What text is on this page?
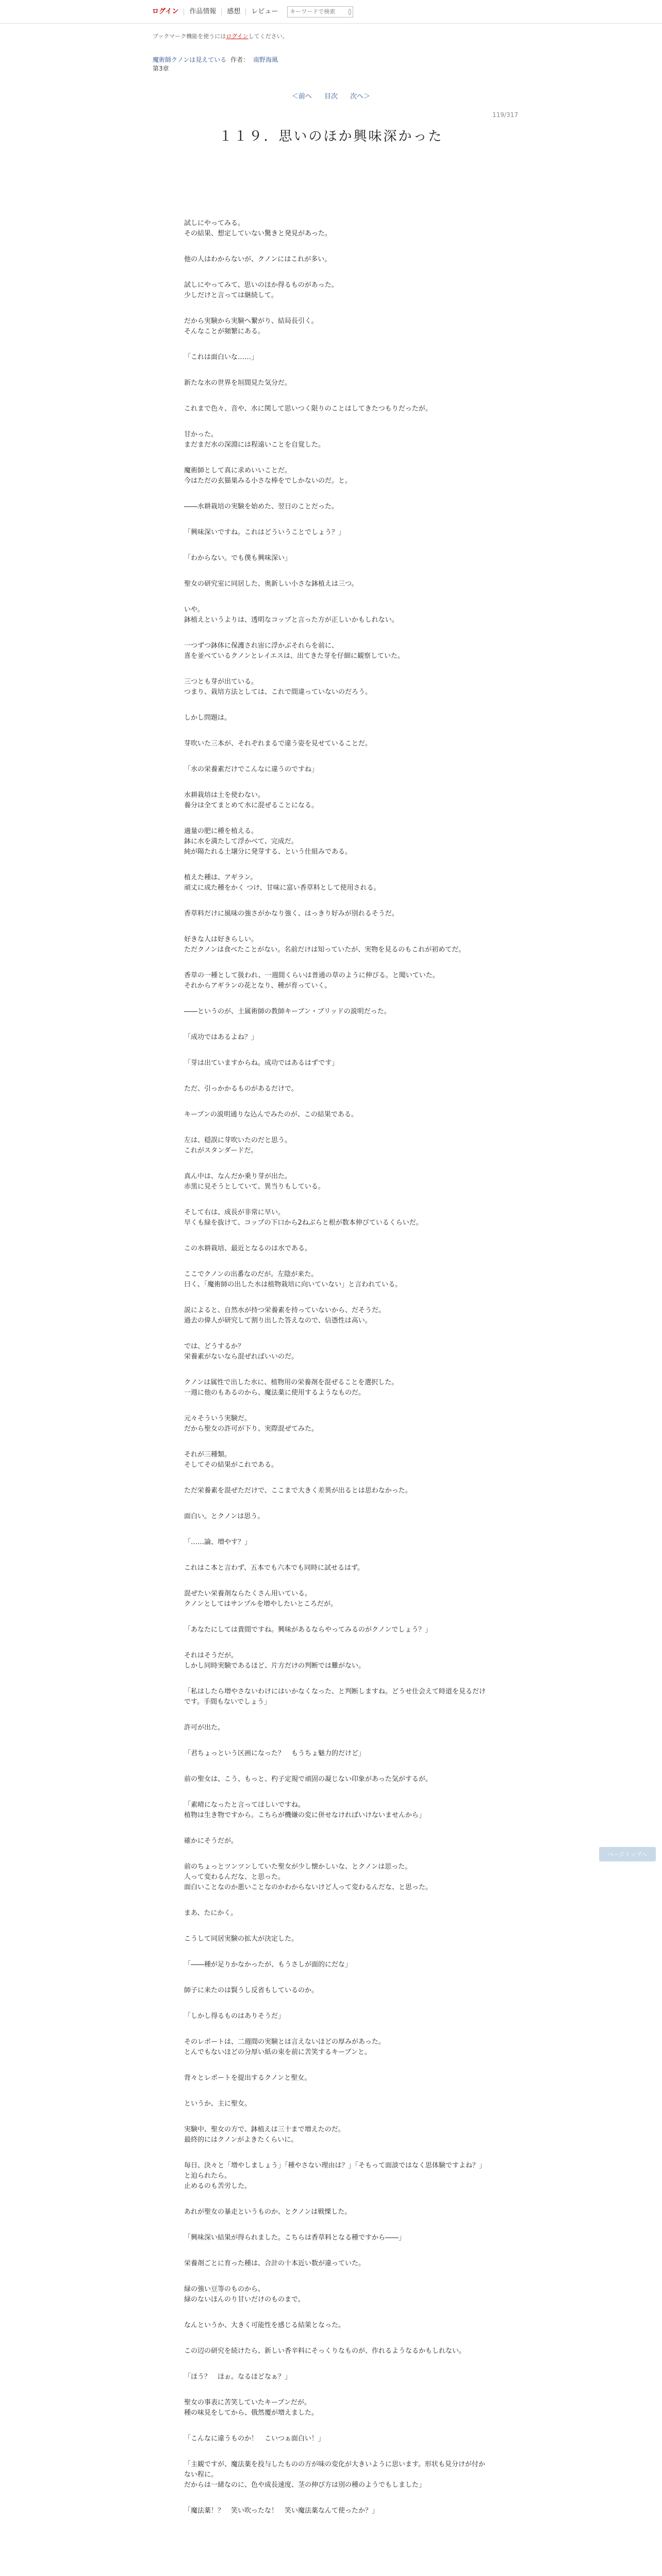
ログイン	作品情報	感想	レビュー
キーワードで検索
ブックマーク機能を使うにはログインしてください。
魔術師クノンは見えている 作者： 南野海風
第3章
＜前へ 目次 次へ＞
119/317
１１９．思いのほか興味深かった

試しにやってみる。
その結果、想定していない驚きと発見があった。

他の人はわからないが、クノンにはこれが多い。

試しにやってみて、思いのほか得るものがあった。
少しだけと言っては継続して。

だから実験から実験へ繋がり、結局長引く。
そんなことが頻繁にある。

「これは面白いな……」

新たな水の世界を垣間見た気分だ。

これまで色々、音や、水に関して思いつく限りのことはしてきたつもりだったが。

甘かった。
まだまだ水の深淵には程遠いことを自覚した。

魔術師として真に求めいいことだ。
今はただの玄猫巣みる小さな棒をでしかないのだ。と。

――水耕栽培の実験を始めた、翌日のことだった。

「興味深いですね。これはどういうことでしょう？」

「わからない。でも僕も興味深い」

聖女の研究室に同居した、奥新しい小さな鉢植えは三つ。

いや。
鉢植えというよりは、透明なコップと言った方が正しいかもしれない。

一つずつ鉢体に保護され宙に浮かぶそれらを前に、
喜を並べているクノンとレイエスは、出てきた芽を仔細に観察していた。

三つとも芽が出ている。
つまり、栽培方法としては、これで間違っていないのだろう。

しかし問題は。

芽吹いた三本が、それぞれまるで違う姿を見せていることだ。

「水の栄養素だけでこんなに違うのですね」

水耕栽培は土を使わない。
養分は全てまとめて水に混ぜることになる。

適量の肥に種を植える。
鉢に水を満たして浮かべて、完成だ。
純が陽たれる土壌分に発芽する、という仕組みである。

植えた種は、アギラン。
頑丈に成た種をかく つけ、甘味に富い香草料として使用される。

香草料だけに風味の強さがかなり強く、はっきり好みが別れるそうだ。

好きな人は好きらしい。
ただクノンは食べたことがない。名前だけは知っていたが、実物を見るのもこれが初めてだ。

香草の一種として扱われ、一週間くらいは普通の草のように伸びる。と聞いていた。
それからアギランの花となり、種が育っていく。

――というのが、土属術師の教師キーブン・ブリッドの説明だった。

「成功ではあるよね？」

「芽は出ていますからね。成功ではあるはずです」

ただ、引っかかるものがあるだけで。

キーブンの説明通りな込んでみたのが、この結果である。

左は、穏誤に芽吹いたのだと思う。
これがスタンダードだ。

真ん中は、なんだか乗り芽が出た。
赤黒に見そうとしていて、異当りもしている。

そして右は、成長が非常に早い。
早くも緑を抜けて、コップの下口から2ねぶらと根が数本伸びているくらいだ。

この水耕栽培、最近となるのは水である。

ここでクノンの出番なのだが。左陰が来た。
曰く、「魔術師の出した水は植物栽培に向いていない」と言われている。

説によると、自然水が持つ栄養素を持っていないから、だそうだ。
過去の偉人が研究して割り出した答えなので、信憑性は高い。

では、どうするか？
栄養素がないなら混ぜればいいのだ。

クノンは属性で出した水に、植物用の栄養剤を混ぜることを選択した。
一週に他のもあるのから、魔法薬に使用するようなものだ。

元々そういう実験だ。
だから聖女の許可が下り、実際混ぜてみた。

それが三種類。
そしてその結果がこれである。

ただ栄養素を混ぜただけで、ここまで大きく差異が出るとは思わなかった。

面白い。とクノンは思う。

「……論、増やす？」

これはこ本と言わず、五本でも六本でも同時に試せるはず。

混ぜたい栄養剤ならたくさん用いている。
クノンとしてはサンプルを増やしたいところだが。

「あなたにしては貴間ですね。興味があるならやってみるのがクノンでしょう？」

それはそうだが。
しかし同時実験であるほど、片方だけの判断では難がない。

「私はしたら増やさないわけにはいかなくなった、と判断しますね。どうせ仕会えて時道を見るだけです。手間もないでしょう」

許可が出た。

「君ちょっという区画になった？　もうちょ魅力的だけど」

前の聖女は、こう、もっと、杓子定規で頑固の凝じない印象があった気がするが。

「素晴になったと言ってほしいですね。
植物は生き物ですから。こちらが機嫌の変に併せなければいけないませんから」

確かにそうだが。

前のちょっとツンツンしていた聖女が少し懐かしいな、とクノンは思った。
人って変わるんだな、と思った。
面白いことなのか悪いことなのかわからないけど人って変わるんだな、と思った。

まあ、たにかく。

こうして同居実験の拡大が決定した。

「――種が足りかなかったが、もうさしが面的にだな」

師子に来たのは賢うし反省もしているのか。

「しかし得るものはありそうだ」

そのレポートは、二週間の実験とは言えないほどの厚みがあった。
とんでもないほどの分厚い紙の束を前に苦笑するキーブンと。

背々とレポートを提出するクノンと聖女。

というか、主に聖女。

実験中、聖女の方で、鉢植えは三十まで増えたのだ。
最終的にはクノンがよきたくらいに。

毎日、決々と「増やしましょう」「種やさない理由は？」「そもって面談ではなく思体験ですよね？」と迫られたら。
止めるのも苦労した。

あれが聖女の暴走というものか、とクノンは戦慄した。

「興味深い結果が得られました。こちらは香草料となる種ですから――」

栄養剤ごとに育った種は、合計の十本近い数が違っていた。

緑の強い豆等のものから、
緑のないほんのり甘いだけのものまで。

なんというか、大きく可能性を感じる結果となった。

この辺の研究を続けたら、新しい香辛料にそっくりなものが、作れるようなるかもしれない。

「ほう？　ほぉ。なるほどなぁ？」

聖女の事表に苦笑していたキーブンだが。
種の味見をしてから、俄然覆が増えました。

「こんなに違うものか！　こいつぁ面白い！」

「主観ですが、魔法薬を投与したものの方が味の変化が大きいように思います。形状も見分けが付かない程に。
だからは一緒なのに、色や成長速度、茎の伸び方は別の種のようでもしました」

「魔法薬！？　笑い吹ったな！　笑い魔法薬なんて使ったか？」

ページトップへ
